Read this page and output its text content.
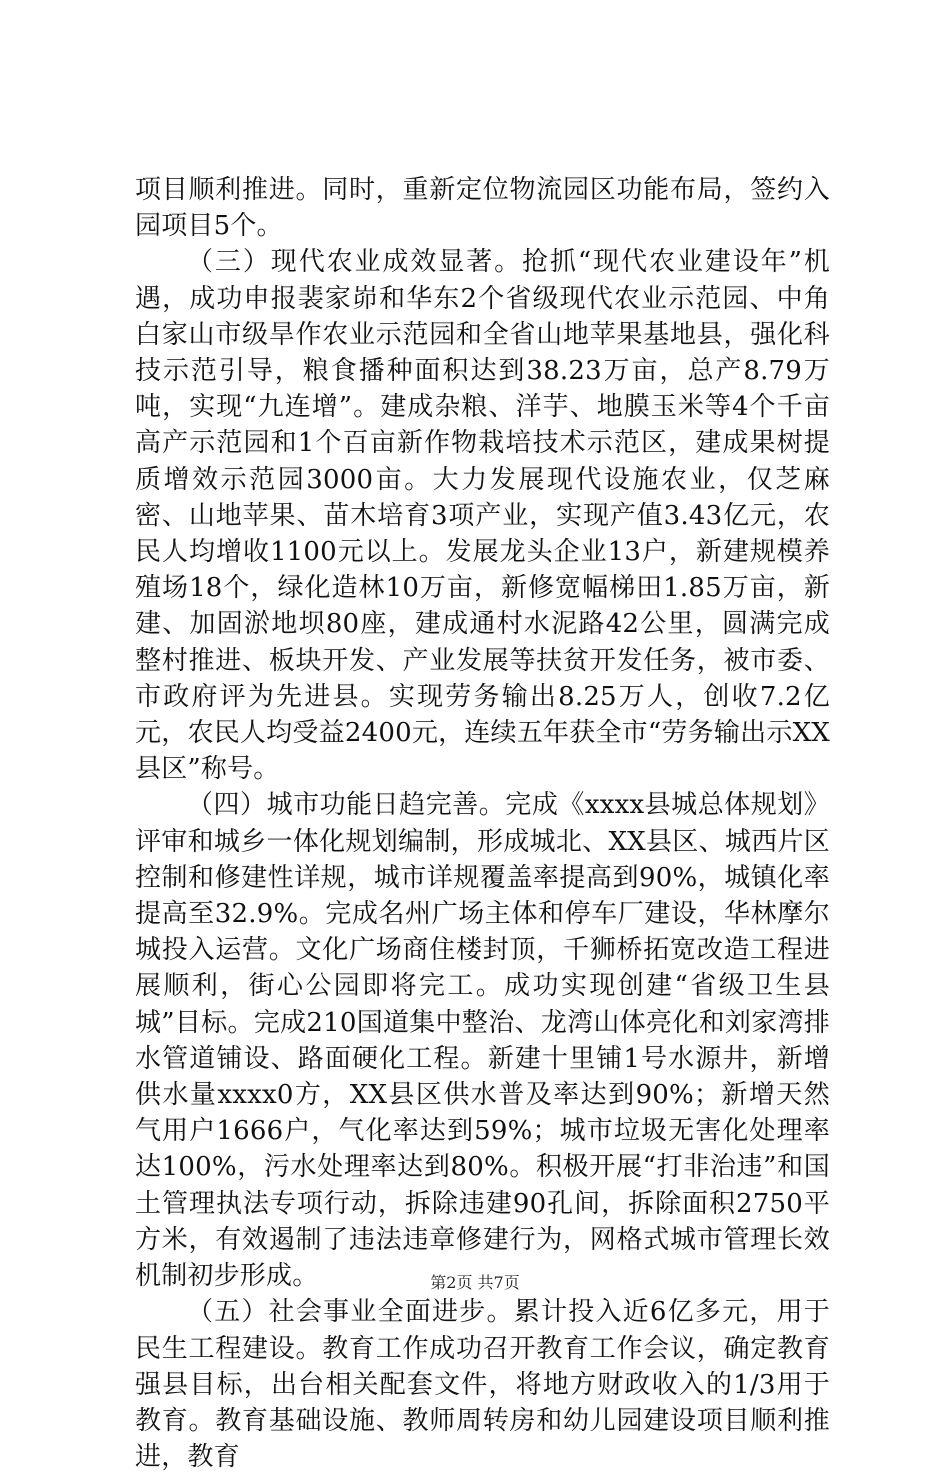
项目顺利推进。同时，重新定位物流园区功能布局，签约入园项目5个。

（三）现代农业成效显著。抢抓“现代农业建设年”机遇，成功申报裴家峁和华东2个省级现代农业示范园、中角白家山市级旱作农业示范园和全省山地苹果基地县，强化科技示范引导，粮食播种面积达到38.23万亩，总产8.79万吨，实现“九连增”。建成杂粮、洋芋、地膜玉米等4个千亩高产示范园和1个百亩新作物栽培技术示范区，建成果树提质增效示范园3000亩。大力发展现代设施农业，仅芝麻密、山地苹果、苗木培育3项产业，实现产值3.43亿元，农民人均增收1100元以上。发展龙头企业13户，新建规模养殖场18个，绿化造林10万亩，新修宽幅梯田1.85万亩，新建、加固淤地坝80座，建成通村水泥路42公里，圆满完成整村推进、板块开发、产业发展等扶贫开发任务，被市委、市政府评为先进县。实现劳务输出8.25万人，创收7.2亿元，农民人均受益2400元，连续五年获全市“劳务输出示XX县区”称号。

（四）城市功能日趋完善。完成《xxxx县城总体规划》评审和城乡一体化规划编制，形成城北、XX县区、城西片区控制和修建性详规，城市详规覆盖率提高到90%，城镇化率提高至32.9%。完成名州广场主体和停车厂建设，华林摩尔城投入运营。文化广场商住楼封顶，千狮桥拓宽改造工程进展顺利，街心公园即将完工。成功实现创建“省级卫生县城”目标。完成210国道集中整治、龙湾山体亮化和刘家湾排水管道铺设、路面硬化工程。新建十里铺1号水源井，新增供水量xxxx0方，XX县区供水普及率达到90%；新增天然气用户1666户，气化率达到59%；城市垃圾无害化处理率达100%，污水处理率达到80%。积极开展“打非治违”和国土管理执法专项行动，拆除违建90孔间，拆除面积2750平方米，有效遏制了违法违章修建行为，网格式城市管理长效机制初步形成。

（五）社会事业全面进步。累计投入近6亿多元，用于民生工程建设。教育工作成功召开教育工作会议，确定教育强县目标，出台相关配套文件，将地方财政收入的1/3用于教育。教育基础设施、教师周转房和幼儿园建设项目顺利推进，教育

第2页 共7页
